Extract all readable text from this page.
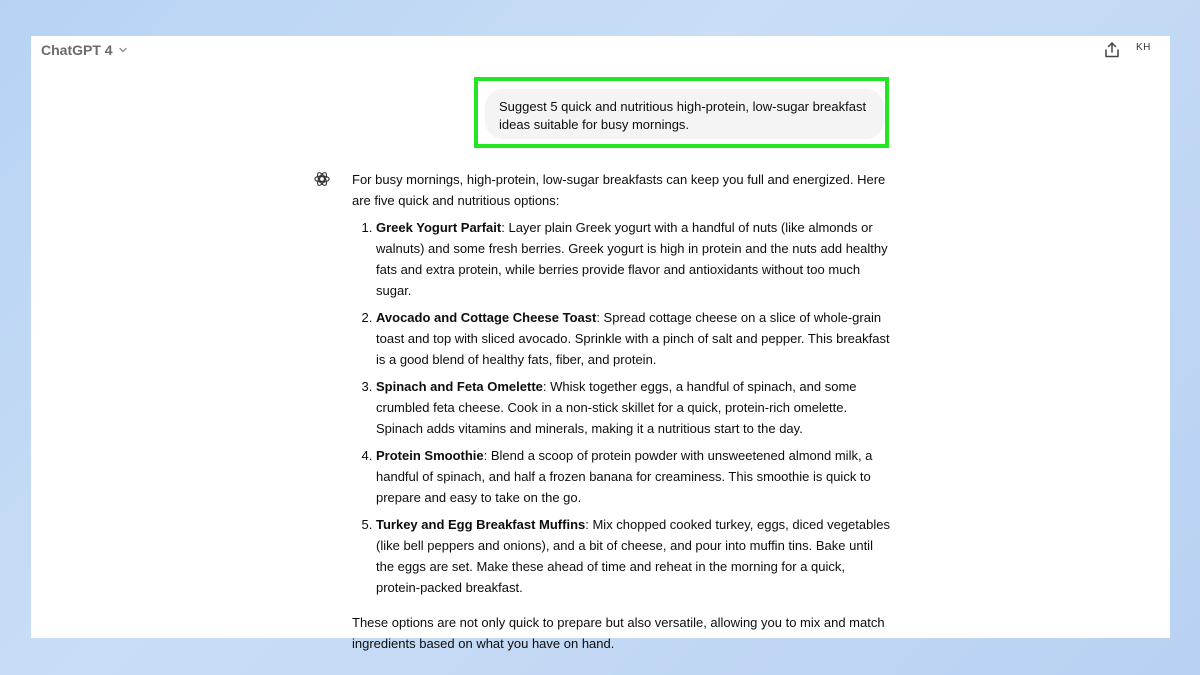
ChatGPT 4	KH
Suggest 5 quick and nutritious high-protein, low-sugar breakfast ideas suitable for busy mornings.

For busy mornings, high-protein, low-sugar breakfasts can keep you full and energized. Here are five quick and nutritious options:

1. Greek Yogurt Parfait: Layer plain Greek yogurt with a handful of nuts (like almonds or walnuts) and some fresh berries. Greek yogurt is high in protein and the nuts add healthy fats and extra protein, while berries provide flavor and antioxidants without too much sugar.
2. Avocado and Cottage Cheese Toast: Spread cottage cheese on a slice of whole-grain toast and top with sliced avocado. Sprinkle with a pinch of salt and pepper. This breakfast is a good blend of healthy fats, fiber, and protein.
3. Spinach and Feta Omelette: Whisk together eggs, a handful of spinach, and some crumbled feta cheese. Cook in a non-stick skillet for a quick, protein-rich omelette. Spinach adds vitamins and minerals, making it a nutritious start to the day.
4. Protein Smoothie: Blend a scoop of protein powder with unsweetened almond milk, a handful of spinach, and half a frozen banana for creaminess. This smoothie is quick to prepare and easy to take on the go.
5. Turkey and Egg Breakfast Muffins: Mix chopped cooked turkey, eggs, diced vegetables (like bell peppers and onions), and a bit of cheese, and pour into muffin tins. Bake until the eggs are set. Make these ahead of time and reheat in the morning for a quick, protein-packed breakfast.

These options are not only quick to prepare but also versatile, allowing you to mix and match ingredients based on what you have on hand.
